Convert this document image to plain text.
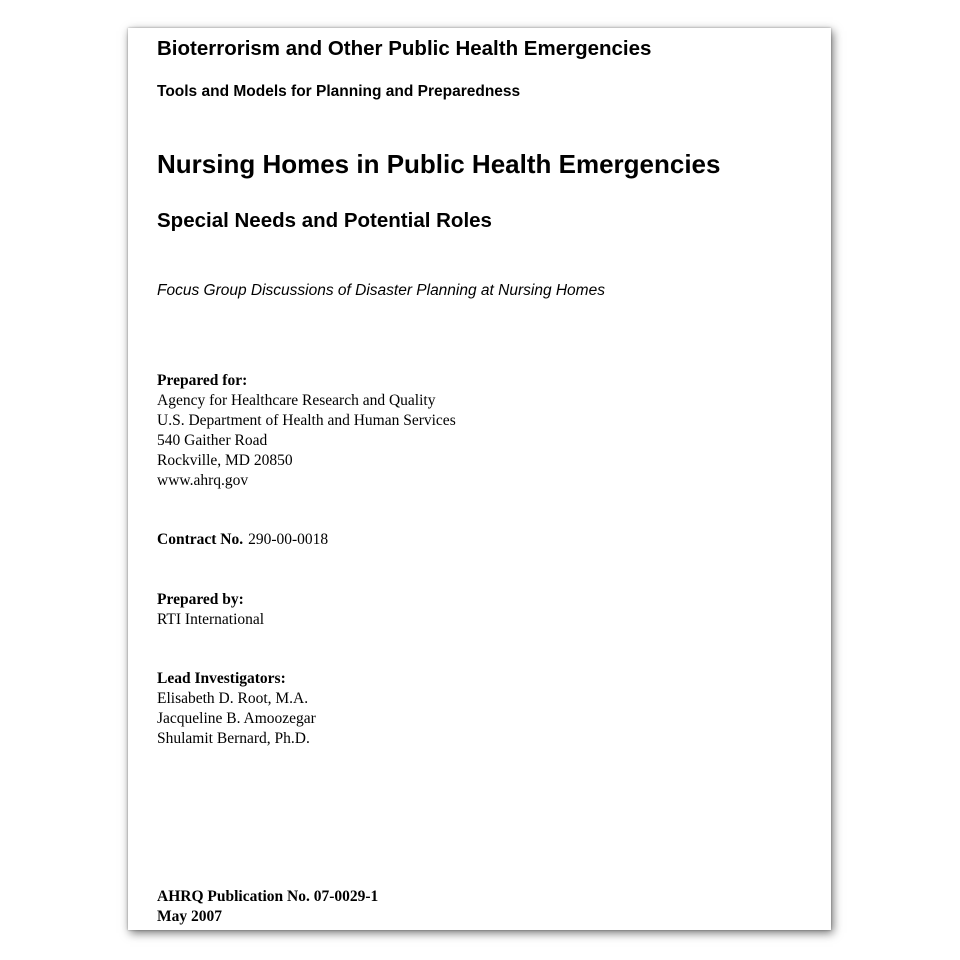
Bioterrorism and Other Public Health Emergencies
Tools and Models for Planning and Preparedness
Nursing Homes in Public Health Emergencies
Special Needs and Potential Roles
Focus Group Discussions of Disaster Planning at Nursing Homes
Prepared for:
Agency for Healthcare Research and Quality
U.S. Department of Health and Human Services
540 Gaither Road
Rockville, MD 20850
www.ahrq.gov
Contract No. 290-00-0018
Prepared by:
RTI International
Lead Investigators:
Elisabeth D. Root, M.A.
Jacqueline B. Amoozegar
Shulamit Bernard, Ph.D.
AHRQ Publication No. 07-0029-1
May 2007
